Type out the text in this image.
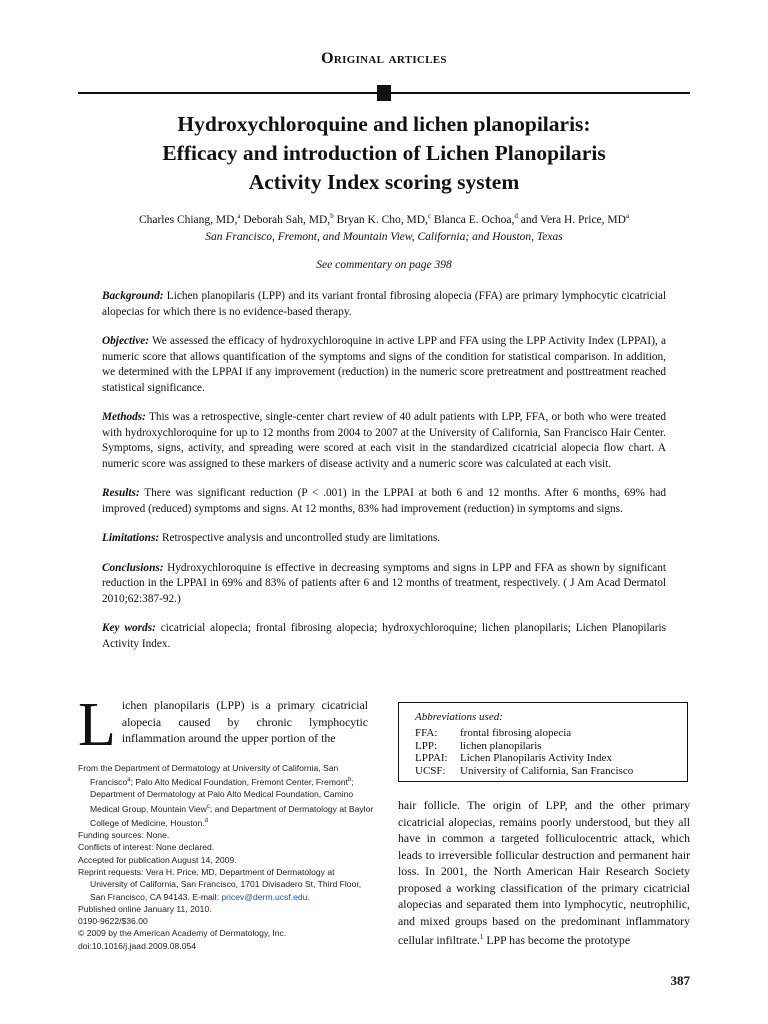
Original articles
Hydroxychloroquine and lichen planopilaris:
Efficacy and introduction of Lichen Planopilaris
Activity Index scoring system
Charles Chiang, MD,$^a$ Deborah Sah, MD,$^b$ Bryan K. Cho, MD,$^c$ Blanca E. Ochoa,$^d$ and Vera H. Price, $MD^a$
San Francisco, Fremont, and Mountain View, California; and Houston, Texas
See commentary on page 398

Background: Lichen planopilaris (LPP) and its variant frontal fibrosing alopecia (FFA) are primary lymphocytic cicatricial alopecias for which there is no evidence-based therapy.

Objective: We assessed the efficacy of hydroxychloroquine in active LPP and FFA using the LPP Activity Index (LPPAI), a numeric score that allows quantification of the symptoms and signs of the condition for statistical comparison. In addition, we determined with the LPPAI if any improvement (reduction) in the numeric score pretreatment and posttreatment reached statistical significance.

Methods: This was a retrospective, single-center chart review of 40 adult patients with LPP, FFA, or both who were treated with hydroxychloroquine for up to 12 months from 2004 to 2007 at the University of California, San Francisco Hair Center. Symptoms, signs, activity, and spreading were scored at each visit in the standardized cicatricial alopecia flow chart. A numeric score was assigned to these markers of disease activity and a numeric score was calculated at each visit.

Results: There was significant reduction (P < .001) in the LPPAI at both 6 and 12 months. After 6 months, 69% had improved (reduced) symptoms and signs. At 12 months, 83% had improvement (reduction) in symptoms and signs.

Limitations: Retrospective analysis and uncontrolled study are limitations.

Conclusions: Hydroxychloroquine is effective in decreasing symptoms and signs in LPP and FFA as shown by significant reduction in the LPPAI in 69% and 83% of patients after 6 and 12 months of treatment, respectively. ( J Am Acad Dermatol 2010;62:387-92.)

Key words: cicatricial alopecia; frontal fibrosing alopecia; hydroxychloroquine; lichen planopilaris; Lichen Planopilaris Activity Index.

Lichen planopilaris (LPP) is a primary cicatricial alopecia caused by chronic lymphocytic inflammation around the upper portion of the
From the Department of Dermatology at University of California, San Francisco$^a$; Palo Alto Medical Foundation, Fremont Center, Fremont$^b$; Department of Dermatology at Palo Alto Medical Foundation, Camino Medical Group, Mountain View$^c$; and Department of Dermatology at Baylor College of Medicine, Houston.$^d$
Funding sources: None.
Conflicts of interest: None declared.
Accepted for publication August 14, 2009.
Reprint requests: Vera H. Price, MD, Department of Dermatology at University of California, San Francisco, 1701 Divisadero St, Third Floor, San Francisco, CA 94143. E-mail: pricev@derm.ucsf.edu.
Published online January 11, 2010.
0190-9622/$36.00
© 2009 by the American Academy of Dermatology, Inc.
doi:10.1016/j.jaad.2009.08.054
Abbreviations used:
FFA:	frontal fibrosing alopecia
LPP:	lichen planopilaris
LPPAI:	Lichen Planopilaris Activity Index
UCSF:	University of California, San Francisco
hair follicle. The origin of LPP, and the other primary cicatricial alopecias, remains poorly understood, but they all have in common a targeted folliculocentric attack, which leads to irreversible follicular destruction and permanent hair loss. In 2001, the North American Hair Research Society proposed a working classification of the primary cicatricial alopecias and separated them into lymphocytic, neutrophilic, and mixed groups based on the predominant inflammatory cellular infiltrate.$^1$ LPP has become the prototype
387
